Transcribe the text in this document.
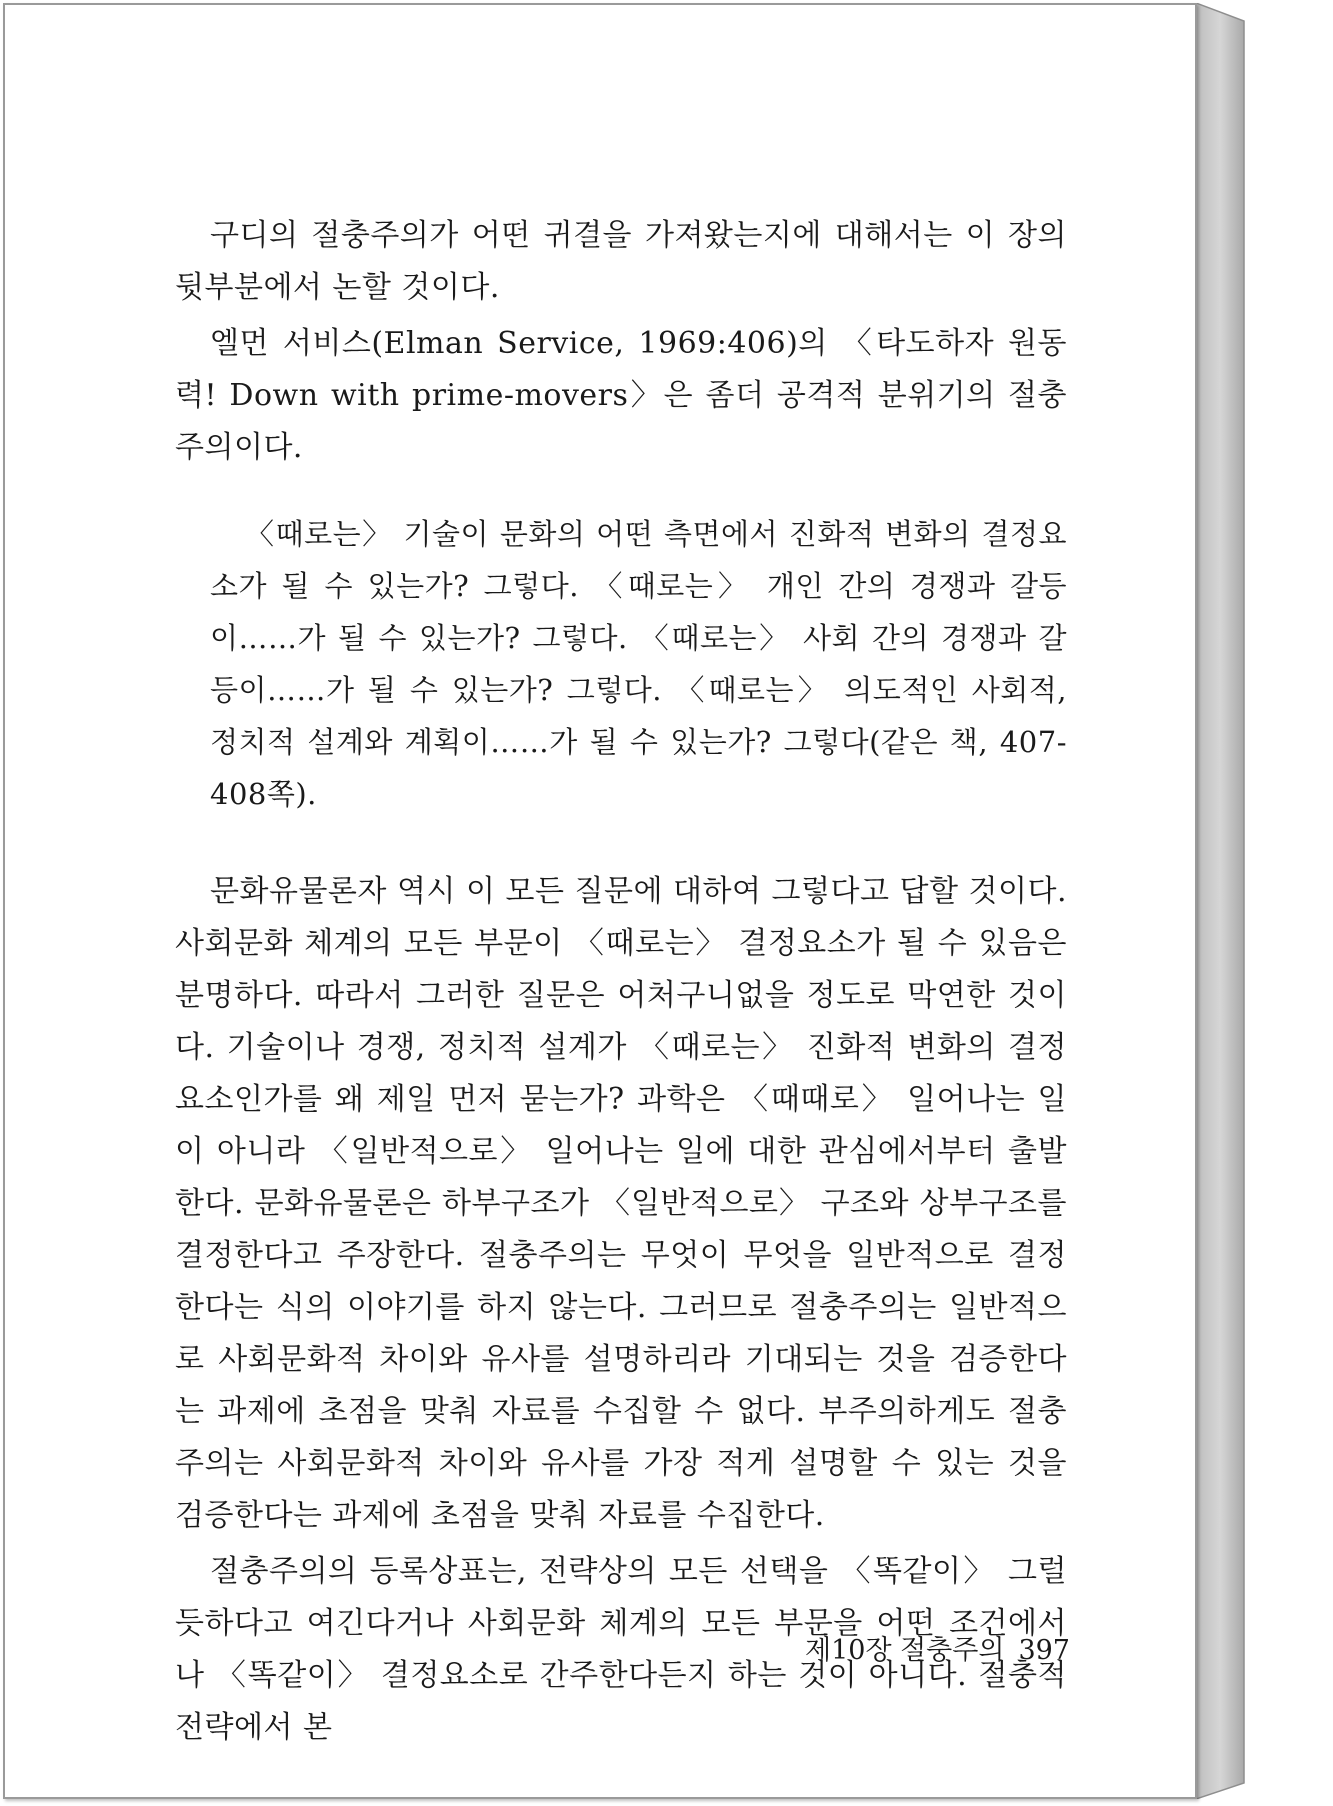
구디의 절충주의가 어떤 귀결을 가져왔는지에 대해서는 이 장의 뒷부분에서 논할 것이다.

엘먼 서비스(Elman Service, 1969:406)의 〈타도하자 원동력! Down with prime-movers〉은 좀더 공격적 분위기의 절충주의이다.

〈때로는〉 기술이 문화의 어떤 측면에서 진화적 변화의 결정요소가 될 수 있는가? 그렇다. 〈때로는〉 개인 간의 경쟁과 갈등이……가 될 수 있는가? 그렇다. 〈때로는〉 사회 간의 경쟁과 갈등이……가 될 수 있는가? 그렇다. 〈때로는〉 의도적인 사회적, 정치적 설계와 계획이……가 될 수 있는가? 그렇다(같은 책, 407-408쪽).

문화유물론자 역시 이 모든 질문에 대하여 그렇다고 답할 것이다. 사회문화 체계의 모든 부문이 〈때로는〉 결정요소가 될 수 있음은 분명하다. 따라서 그러한 질문은 어처구니없을 정도로 막연한 것이다. 기술이나 경쟁, 정치적 설계가 〈때로는〉 진화적 변화의 결정요소인가를 왜 제일 먼저 묻는가? 과학은 〈때때로〉 일어나는 일이 아니라 〈일반적으로〉 일어나는 일에 대한 관심에서부터 출발한다. 문화유물론은 하부구조가 〈일반적으로〉 구조와 상부구조를 결정한다고 주장한다. 절충주의는 무엇이 무엇을 일반적으로 결정한다는 식의 이야기를 하지 않는다. 그러므로 절충주의는 일반적으로 사회문화적 차이와 유사를 설명하리라 기대되는 것을 검증한다는 과제에 초점을 맞춰 자료를 수집할 수 없다. 부주의하게도 절충주의는 사회문화적 차이와 유사를 가장 적게 설명할 수 있는 것을 검증한다는 과제에 초점을 맞춰 자료를 수집한다.

절충주의의 등록상표는, 전략상의 모든 선택을 〈똑같이〉 그럴 듯하다고 여긴다거나 사회문화 체계의 모든 부문을 어떤 조건에서나 〈똑같이〉 결정요소로 간주한다든지 하는 것이 아니다. 절충적 전략에서 본

제10장 절충주의 397
